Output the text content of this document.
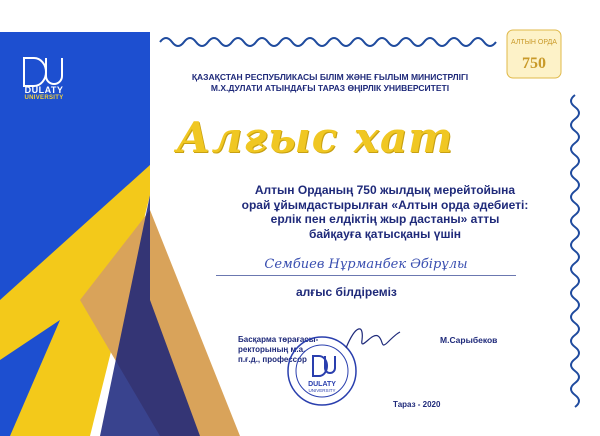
DULATY
UNIVERSITY
АЛТЫН ОРДА
750
ҚАЗАҚСТАН РЕСПУБЛИКАСЫ БІЛІМ ЖӘНЕ ҒЫЛЫМ МИНИСТРЛІГІ
М.Х.ДУЛАТИ АТЫНДАҒЫ ТАРАЗ ӨҢІРЛІК УНИВЕРСИТЕТІ
Алғыс хат
Алтын Орданың 750 жылдық мерейтойына
орай ұйымдастырылған «Алтын орда әдебиеті:
ерлік пен елдіктің жыр дастаны» атты
байқауға қатысқаны үшін
Сембиев Нұрманбек Әбірұлы
алғыс білдіреміз
Басқарма төрағасы-
ректорының м.а.
п.ғ.д., профессор
DULATY
UNIVERSITY
М.Сарыбеков
Тараз - 2020
